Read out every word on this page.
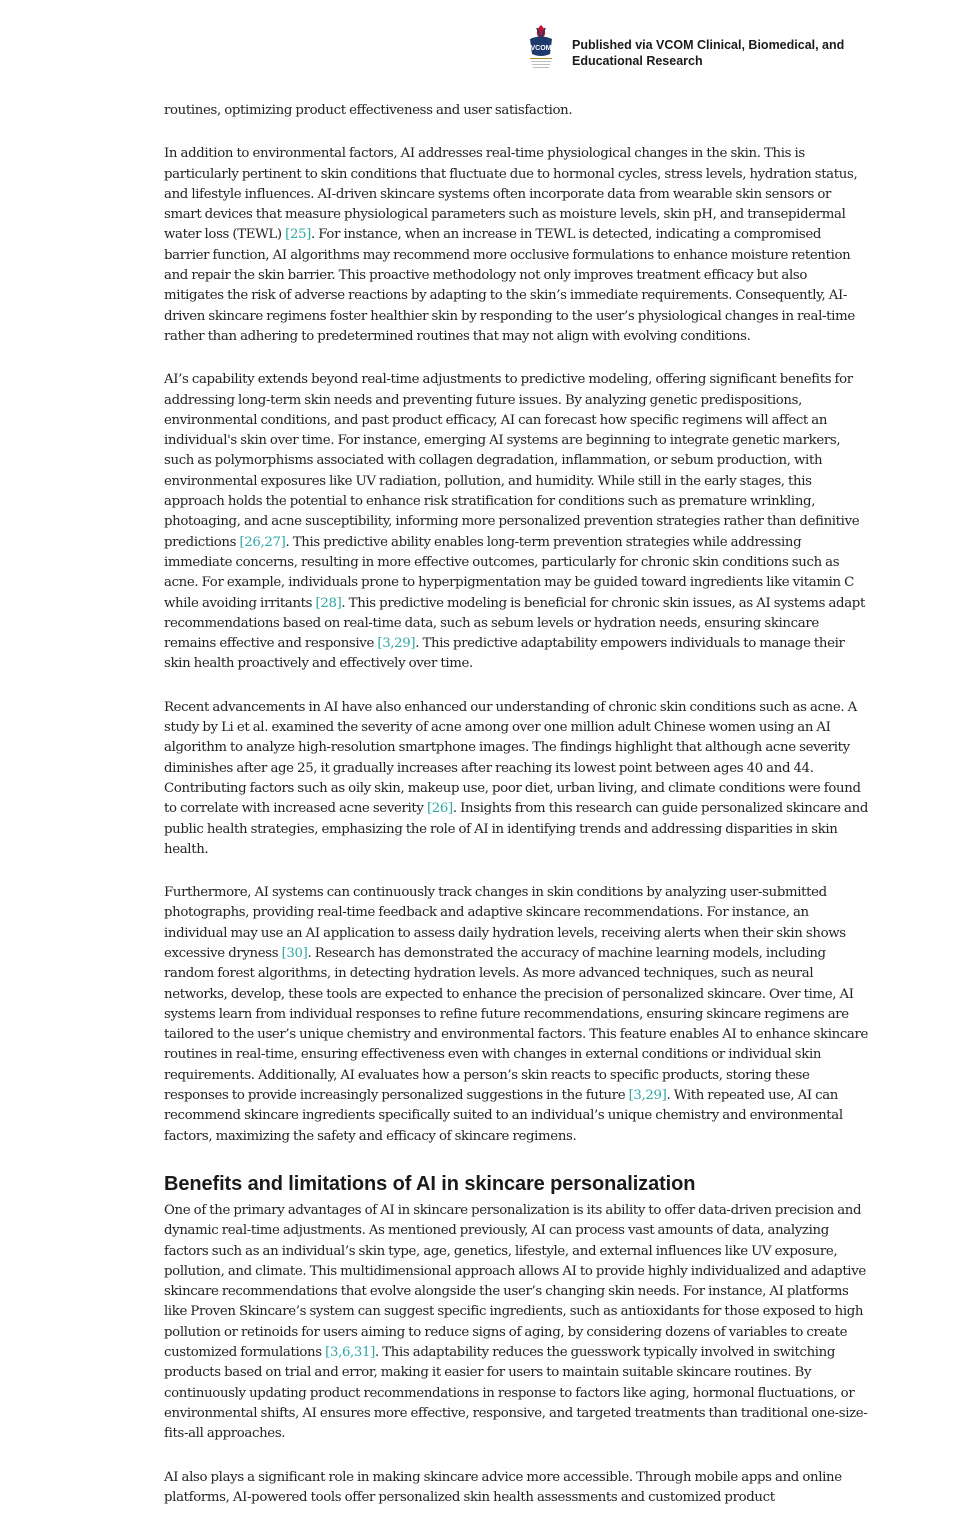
VCOM Published via VCOM Clinical, Biomedical, and
Educational Research

routines, optimizing product effectiveness and user satisfaction.

In addition to environmental factors, AI addresses real-time physiological changes in the skin. This is particularly pertinent to skin conditions that fluctuate due to hormonal cycles, stress levels, hydration status, and lifestyle influences. AI-driven skincare systems often incorporate data from wearable skin sensors or smart devices that measure physiological parameters such as moisture levels, skin pH, and transepidermal water loss (TEWL) [25]. For instance, when an increase in TEWL is detected, indicating a compromised barrier function, AI algorithms may recommend more occlusive formulations to enhance moisture retention and repair the skin barrier. This proactive methodology not only improves treatment efficacy but also mitigates the risk of adverse reactions by adapting to the skin’s immediate requirements. Consequently, AI-driven skincare regimens foster healthier skin by responding to the user’s physiological changes in real-time rather than adhering to predetermined routines that may not align with evolving conditions.

AI’s capability extends beyond real-time adjustments to predictive modeling, offering significant benefits for addressing long-term skin needs and preventing future issues. By analyzing genetic predispositions, environmental conditions, and past product efficacy, AI can forecast how specific regimens will affect an individual's skin over time. For instance, emerging AI systems are beginning to integrate genetic markers, such as polymorphisms associated with collagen degradation, inflammation, or sebum production, with environmental exposures like UV radiation, pollution, and humidity. While still in the early stages, this approach holds the potential to enhance risk stratification for conditions such as premature wrinkling, photoaging, and acne susceptibility, informing more personalized prevention strategies rather than definitive predictions [26,27]. This predictive ability enables long-term prevention strategies while addressing immediate concerns, resulting in more effective outcomes, particularly for chronic skin conditions such as acne. For example, individuals prone to hyperpigmentation may be guided toward ingredients like vitamin C while avoiding irritants [28]. This predictive modeling is beneficial for chronic skin issues, as AI systems adapt recommendations based on real-time data, such as sebum levels or hydration needs, ensuring skincare remains effective and responsive [3,29]. This predictive adaptability empowers individuals to manage their skin health proactively and effectively over time.

Recent advancements in AI have also enhanced our understanding of chronic skin conditions such as acne. A study by Li et al. examined the severity of acne among over one million adult Chinese women using an AI algorithm to analyze high-resolution smartphone images. The findings highlight that although acne severity diminishes after age 25, it gradually increases after reaching its lowest point between ages 40 and 44. Contributing factors such as oily skin, makeup use, poor diet, urban living, and climate conditions were found to correlate with increased acne severity [26]. Insights from this research can guide personalized skincare and public health strategies, emphasizing the role of AI in identifying trends and addressing disparities in skin health.

Furthermore, AI systems can continuously track changes in skin conditions by analyzing user-submitted photographs, providing real-time feedback and adaptive skincare recommendations. For instance, an individual may use an AI application to assess daily hydration levels, receiving alerts when their skin shows excessive dryness [30]. Research has demonstrated the accuracy of machine learning models, including random forest algorithms, in detecting hydration levels. As more advanced techniques, such as neural networks, develop, these tools are expected to enhance the precision of personalized skincare. Over time, AI systems learn from individual responses to refine future recommendations, ensuring skincare regimens are tailored to the user’s unique chemistry and environmental factors. This feature enables AI to enhance skincare routines in real-time, ensuring effectiveness even with changes in external conditions or individual skin requirements. Additionally, AI evaluates how a person’s skin reacts to specific products, storing these responses to provide increasingly personalized suggestions in the future [3,29]. With repeated use, AI can recommend skincare ingredients specifically suited to an individual’s unique chemistry and environmental factors, maximizing the safety and efficacy of skincare regimens.

Benefits and limitations of AI in skincare personalization

One of the primary advantages of AI in skincare personalization is its ability to offer data-driven precision and dynamic real-time adjustments. As mentioned previously, AI can process vast amounts of data, analyzing factors such as an individual’s skin type, age, genetics, lifestyle, and external influences like UV exposure, pollution, and climate. This multidimensional approach allows AI to provide highly individualized and adaptive skincare recommendations that evolve alongside the user’s changing skin needs. For instance, AI platforms like Proven Skincare’s system can suggest specific ingredients, such as antioxidants for those exposed to high pollution or retinoids for users aiming to reduce signs of aging, by considering dozens of variables to create customized formulations [3,6,31]. This adaptability reduces the guesswork typically involved in switching products based on trial and error, making it easier for users to maintain suitable skincare routines. By continuously updating product recommendations in response to factors like aging, hormonal fluctuations, or environmental shifts, AI ensures more effective, responsive, and targeted treatments than traditional one-size-fits-all approaches.

AI also plays a significant role in making skincare advice more accessible. Through mobile apps and online platforms, AI-powered tools offer personalized skin health assessments and customized product
